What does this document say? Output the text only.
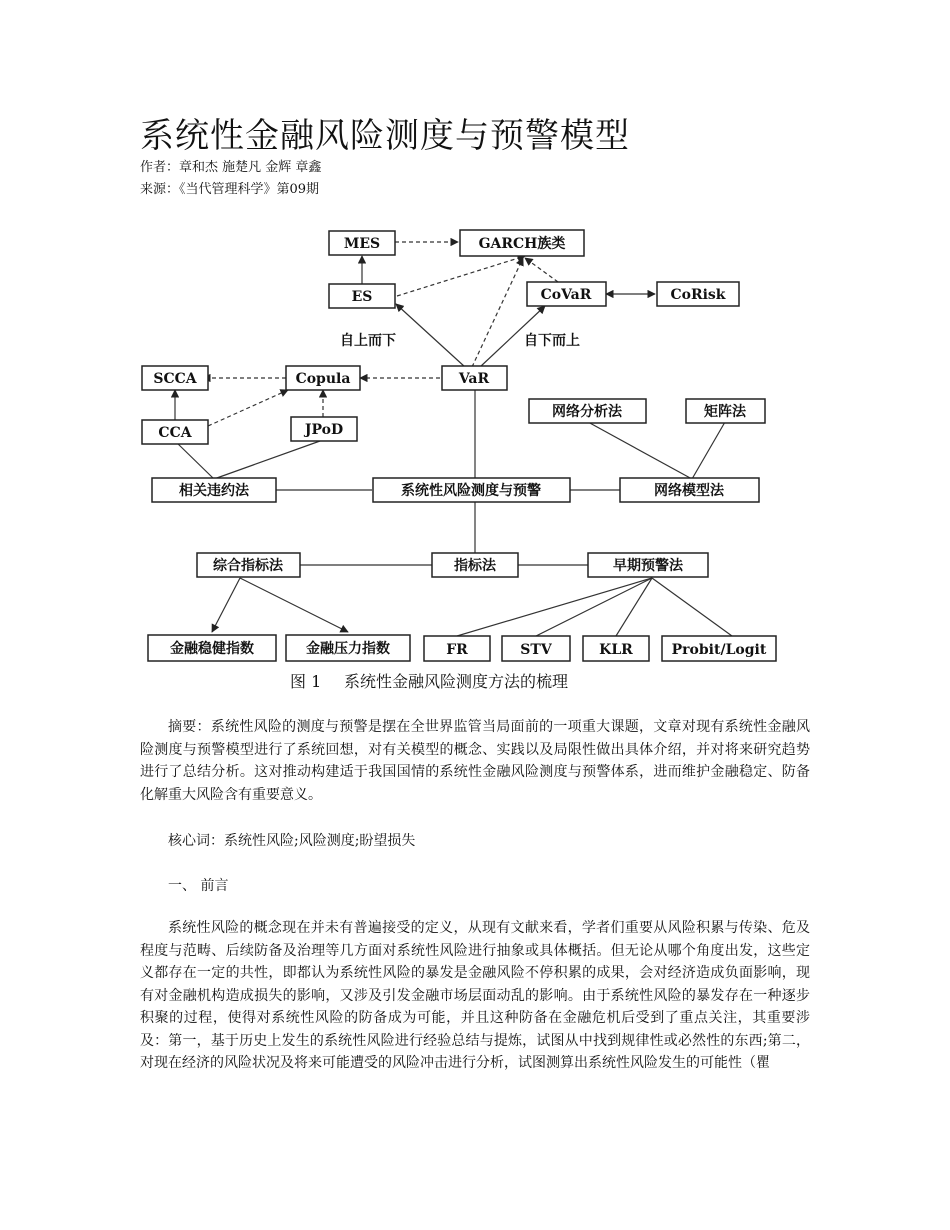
系统性金融风险测度与预警模型
作者：章和杰 施楚凡 金辉 章鑫
来源：《当代管理科学》第09期
自上而下	自下而上
MES	GARCH族类
ES	CoVaR	CoRisk
SCCA	Copula	VaR
CCA	JPoD
网络分析法	矩阵法
相关违约法	系统性风险测度与预警	网络模型法
综合指标法	指标法	早期预警法
金融稳健指数	金融压力指数	FR	STV	KLR	Probit/Logit
图 1 系统性金融风险测度方法的梳理
摘要：系统性风险的测度与预警是摆在全世界监管当局面前的一项重大课题，文章对现有系统性金融风险测度与预警模型进行了系统回想，对有关模型的概念、实践以及局限性做出具体介绍，并对将来研究趋势进行了总结分析。这对推动构建适于我国国情的系统性金融风险测度与预警体系，进而维护金融稳定、防备化解重大风险含有重要意义。
核心词：系统性风险;风险测度;盼望损失
一、 前言
系统性风险的概念现在并未有普遍接受的定义，从现有文献来看，学者们重要从风险积累与传染、危及程度与范畴、后续防备及治理等几方面对系统性风险进行抽象或具体概括。但无论从哪个角度出发，这些定义都存在一定的共性，即都认为系统性风险的暴发是金融风险不停积累的成果，会对经济造成负面影响，现有对金融机构造成损失的影响，又涉及引发金融市场层面动乱的影响。由于系统性风险的暴发存在一种逐步积聚的过程，使得对系统性风险的防备成为可能，并且这种防备在金融危机后受到了重点关注，其重要涉及：第一，基于历史上发生的系统性风险进行经验总结与提炼，试图从中找到规律性或必然性的东西;第二，对现在经济的风险状况及将来可能遭受的风险冲击进行分析，试图测算出系统性风险发生的可能性（瞿
